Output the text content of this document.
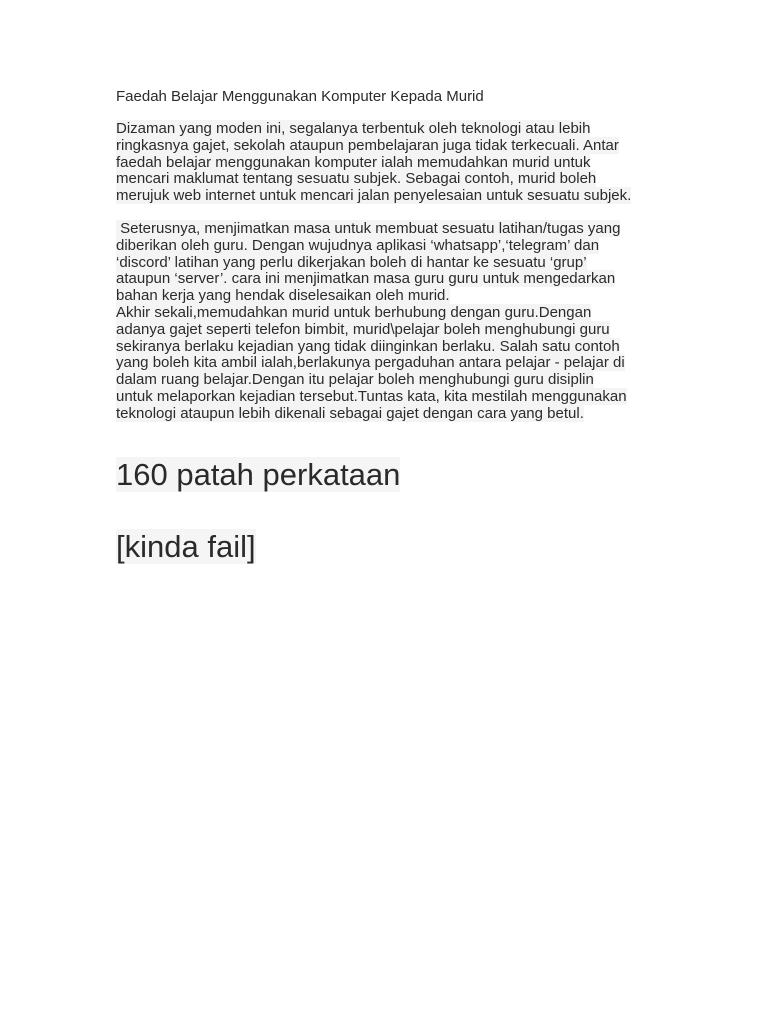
Faedah Belajar Menggunakan Komputer Kepada Murid
Dizaman yang moden ini, segalanya terbentuk oleh teknologi atau lebih
ringkasnya gajet, sekolah ataupun pembelajaran juga tidak terkecuali. Antar
faedah belajar menggunakan komputer ialah memudahkan murid untuk
mencari maklumat tentang sesuatu subjek. Sebagai contoh, murid boleh
merujuk web internet untuk mencari jalan penyelesaian untuk sesuatu subjek.
Seterusnya, menjimatkan masa untuk membuat sesuatu latihan/tugas yang
diberikan oleh guru. Dengan wujudnya aplikasi ‘whatsapp’,‘telegram’ dan
‘discord’ latihan yang perlu dikerjakan boleh di hantar ke sesuatu ‘grup’
ataupun ‘server’. cara ini menjimatkan masa guru guru untuk mengedarkan
bahan kerja yang hendak diselesaikan oleh murid.
Akhir sekali,memudahkan murid untuk berhubung dengan guru.Dengan
adanya gajet seperti telefon bimbit, murid\pelajar boleh menghubungi guru
sekiranya berlaku kejadian yang tidak diinginkan berlaku. Salah satu contoh
yang boleh kita ambil ialah,berlakunya pergaduhan antara pelajar - pelajar di
dalam ruang belajar.Dengan itu pelajar boleh menghubungi guru disiplin
untuk melaporkan kejadian tersebut.Tuntas kata, kita mestilah menggunakan
teknologi ataupun lebih dikenali sebagai gajet dengan cara yang betul.
160 patah perkataan
[kinda fail]
